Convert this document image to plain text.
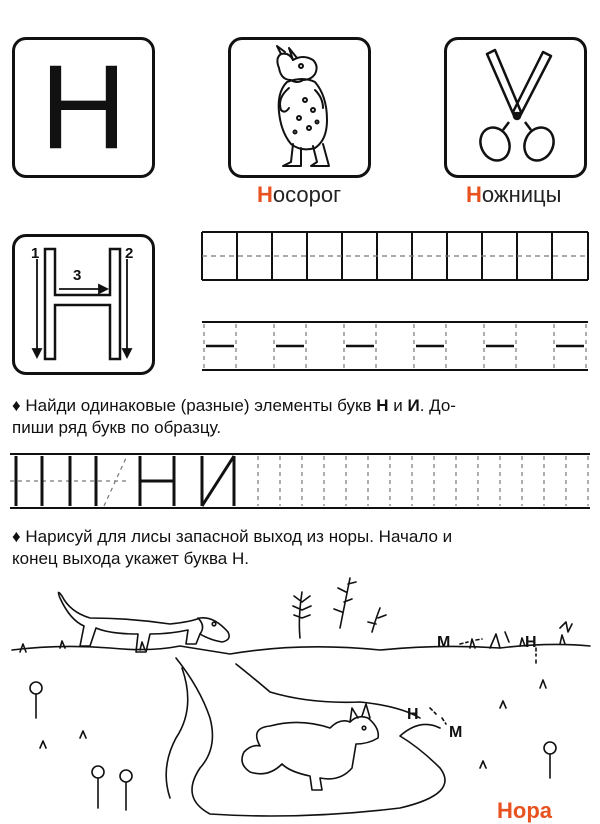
Н
Носорог	Ножницы
1	2
3
♦ Найди одинаковые (разные) элементы букв Н и И. До-
пиши ряд букв по образцу.
♦ Нарисуй для лисы запасной выход из норы. Начало и
конец выхода укажет буква Н.
М	Н
Н
М
Нора
